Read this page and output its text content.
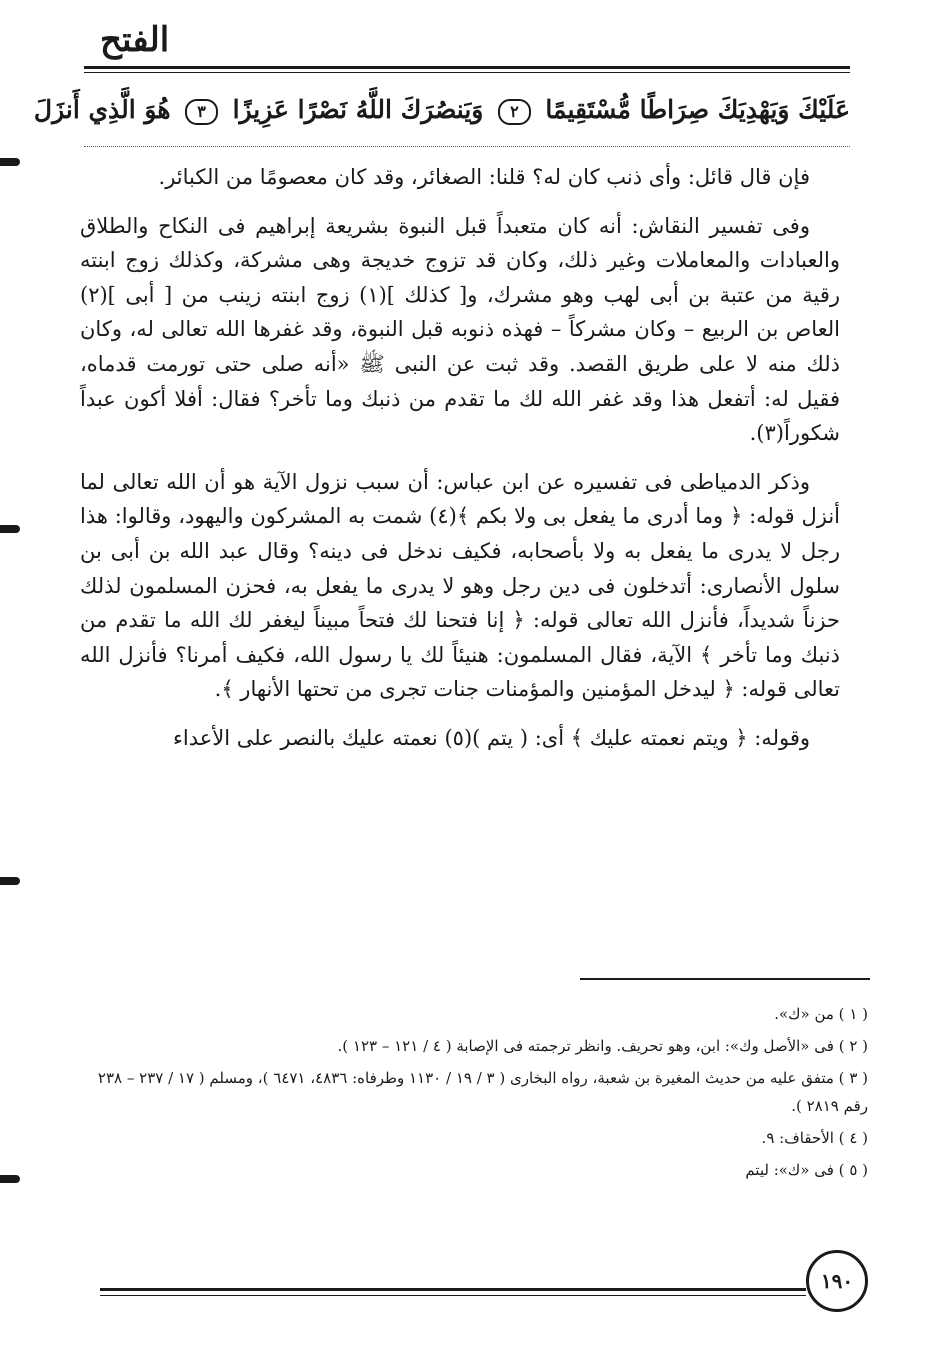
الفتح
عَلَيْكَ وَيَهْدِيَكَ صِرَاطًا مُّسْتَقِيمًا ٢ وَيَنصُرَكَ اللَّهُ نَصْرًا عَزِيزًا ٣ هُوَ الَّذِي أَنزَلَ

فإن قال قائل: وأى ذنب كان له؟ قلنا: الصغائر، وقد كان معصومًا من الكبائر.

وفى تفسير النقاش: أنه كان متعبداً قبل النبوة بشريعة إبراهيم فى النكاح والطلاق والعبادات والمعاملات وغير ذلك، وكان قد تزوج خديجة وهى مشركة، وكذلك زوج ابنته رقية من عتبة بن أبى لهب وهو مشرك، و[ كذلك ](١) زوج ابنته زينب من [ أبى ](٢) العاص بن الربيع – وكان مشركاً – فهذه ذنوبه قبل النبوة، وقد غفرها الله تعالى له، وكان ذلك منه لا على طريق القصد. وقد ثبت عن النبى ﷺ «أنه صلى حتى تورمت قدماه، فقيل له: أتفعل هذا وقد غفر الله لك ما تقدم من ذنبك وما تأخر؟ فقال: أفلا أكون عبداً شكوراً(٣).

وذكر الدمياطى فى تفسيره عن ابن عباس: أن سبب نزول الآية هو أن الله تعالى لما أنزل قوله: ﴿ وما أدرى ما يفعل بى ولا بكم ﴾(٤) شمت به المشركون واليهود، وقالوا: هذا رجل لا يدرى ما يفعل به ولا بأصحابه، فكيف ندخل فى دينه؟ وقال عبد الله بن أبى بن سلول الأنصارى: أتدخلون فى دين رجل وهو لا يدرى ما يفعل به، فحزن المسلمون لذلك حزناً شديداً، فأنزل الله تعالى قوله: ﴿ إنا فتحنا لك فتحاً مبيناً ليغفر لك الله ما تقدم من ذنبك وما تأخر ﴾ الآية، فقال المسلمون: هنيئاً لك يا رسول الله، فكيف أمرنا؟ فأنزل الله تعالى قوله: ﴿ ليدخل المؤمنين والمؤمنات جنات تجرى من تحتها الأنهار ﴾.

وقوله: ﴿ ويتم نعمته عليك ﴾ أى: ( يتم )(٥) نعمته عليك بالنصر على الأعداء

( ١ ) من «ك».

( ٢ ) فى «الأصل وك»: ابن، وهو تحريف. وانظر ترجمته فى الإصابة ( ٤ / ١٢١ – ١٢٣ ).

( ٣ ) متفق عليه من حديث المغيرة بن شعبة، رواه البخارى ( ٣ / ١٩ / ١١٣٠ وطرفاه: ٤٨٣٦، ٦٤٧١ )، ومسلم ( ١٧ / ٢٣٧ – ٢٣٨ رقم ٢٨١٩ ).

( ٤ ) الأحقاف: ٩.

( ٥ ) فى «ك»: ليتم

١٩٠
